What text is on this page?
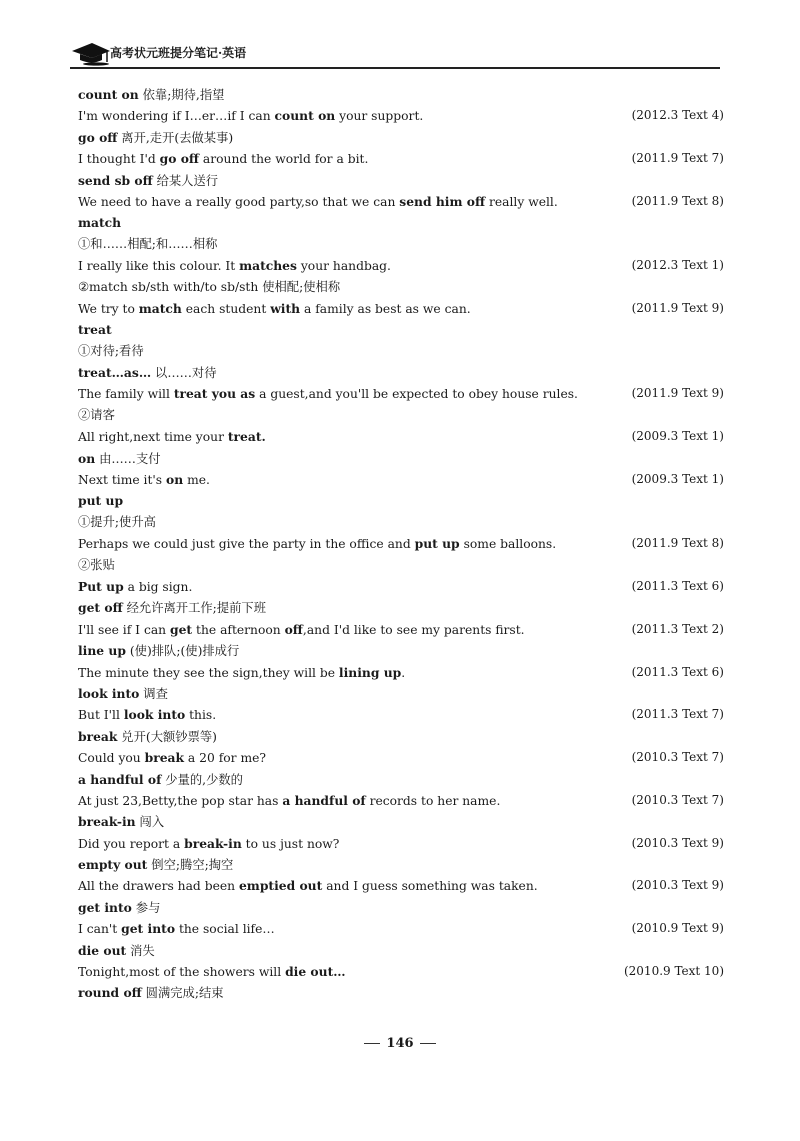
高考状元班提分笔记·英语
count on 依靠;期待,指望
I'm wondering if I…er…if I can count on your support.	(2012.3 Text 4)
go off 离开,走开(去做某事)
I thought I'd go off around the world for a bit.	(2011.9 Text 7)
send sb off 给某人送行
We need to have a really good party,so that we can send him off really well.	(2011.9 Text 8)
match
①和……相配;和……相称
I really like this colour. It matches your handbag.	(2012.3 Text 1)
②match sb/sth with/to sb/sth 使相配;使相称
We try to match each student with a family as best as we can.	(2011.9 Text 9)
treat
①对待;看待
treat…as… 以……对待
The family will treat you as a guest,and you'll be expected to obey house rules.	(2011.9 Text 9)
②请客
All right,next time your treat.	(2009.3 Text 1)
on 由……支付
Next time it's on me.	(2009.3 Text 1)
put up
①提升;使升高
Perhaps we could just give the party in the office and put up some balloons.	(2011.9 Text 8)
②张贴
Put up a big sign.	(2011.3 Text 6)
get off 经允许离开工作;提前下班
I'll see if I can get the afternoon off,and I'd like to see my parents first.	(2011.3 Text 2)
line up (使)排队;(使)排成行
The minute they see the sign,they will be lining up.	(2011.3 Text 6)
look into 调查
But I'll look into this.	(2011.3 Text 7)
break 兑开(大额钞票等)
Could you break a 20 for me?	(2010.3 Text 7)
a handful of 少量的,少数的
At just 23,Betty,the pop star has a handful of records to her name.	(2010.3 Text 7)
break-in 闯入
Did you report a break-in to us just now?	(2010.3 Text 9)
empty out 倒空;腾空;掏空
All the drawers had been emptied out and I guess something was taken.	(2010.3 Text 9)
get into 参与
I can't get into the social life…	(2010.9 Text 9)
die out 消失
Tonight,most of the showers will die out…	(2010.9 Text 10)
round off 圆满完成;结束
146
